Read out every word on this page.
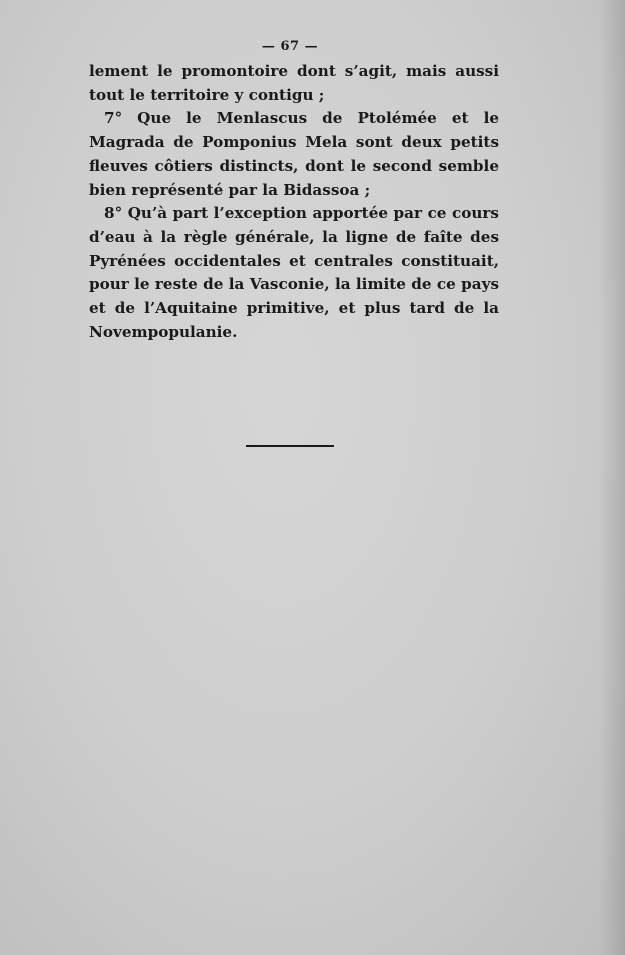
— 67 —

lement le promontoire dont s’agit, mais aussi tout le territoire y contigu ;

7° Que le Menlascus de Ptolémée et le Magrada de Pomponius Mela sont deux petits fleuves côtiers distincts, dont le second semble bien représenté par la Bidassoa ;

8° Qu’à part l’exception apportée par ce cours d’eau à la règle générale, la ligne de faîte des Pyrénées occidentales et centrales constituait, pour le reste de la Vasconie, la limite de ce pays et de l’Aquitaine primitive, et plus tard de la Novempopulanie.
